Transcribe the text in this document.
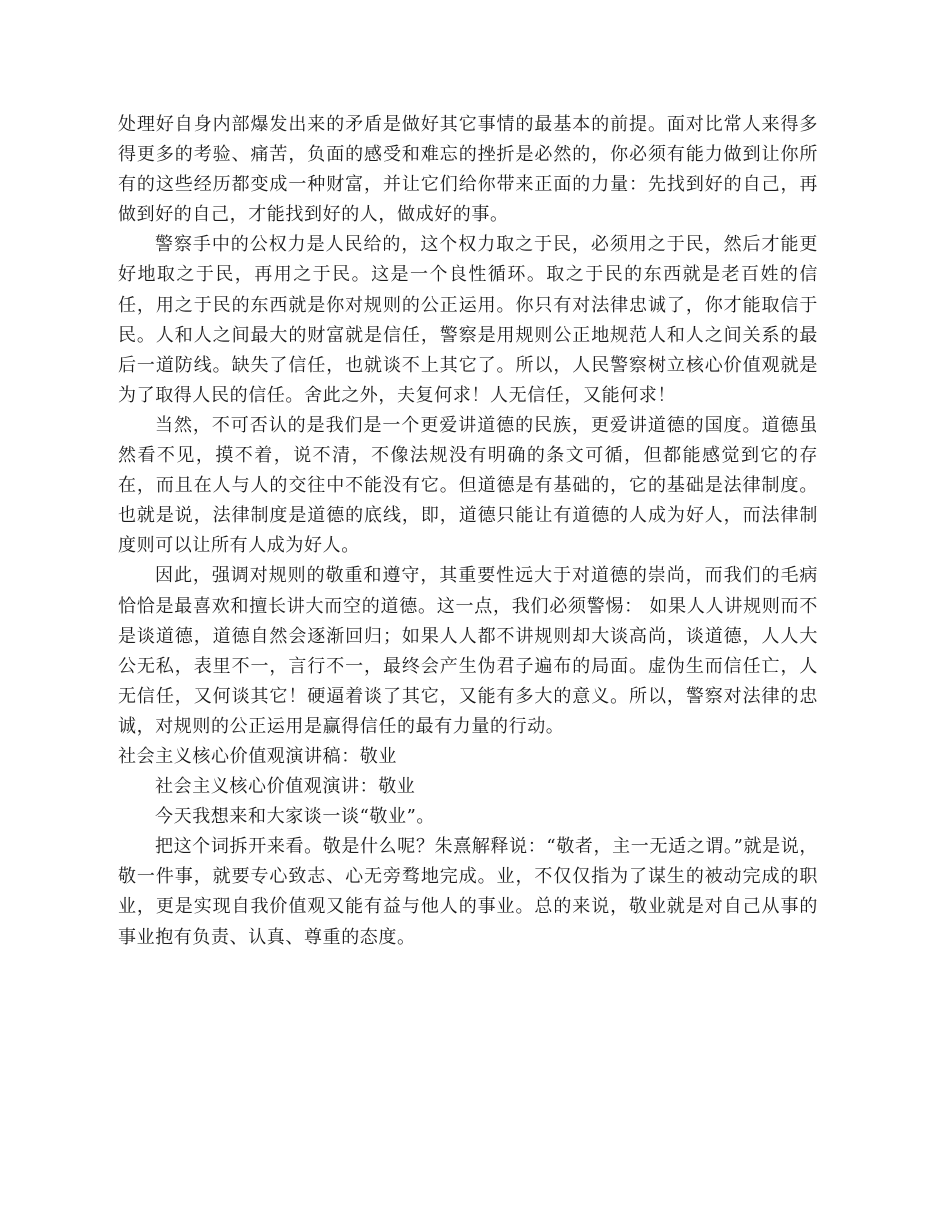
处理好自身内部爆发出来的矛盾是做好其它事情的最基本的前提。面对比常人来得多得更多的考验、痛苦，负面的感受和难忘的挫折是必然的，你必须有能力做到让你所有的这些经历都变成一种财富，并让它们给你带来正面的力量：先找到好的自己，再做到好的自己，才能找到好的人，做成好的事。

警察手中的公权力是人民给的，这个权力取之于民，必须用之于民，然后才能更好地取之于民，再用之于民。这是一个良性循环。取之于民的东西就是老百姓的信任，用之于民的东西就是你对规则的公正运用。你只有对法律忠诚了，你才能取信于民。人和人之间最大的财富就是信任，警察是用规则公正地规范人和人之间关系的最后一道防线。缺失了信任，也就谈不上其它了。所以，人民警察树立核心价值观就是为了取得人民的信任。舍此之外，夫复何求！人无信任，又能何求！

当然，不可否认的是我们是一个更爱讲道德的民族，更爱讲道德的国度。道德虽然看不见，摸不着，说不清，不像法规没有明确的条文可循，但都能感觉到它的存在，而且在人与人的交往中不能没有它。但道德是有基础的，它的基础是法律制度。也就是说，法律制度是道德的底线，即，道德只能让有道德的人成为好人，而法律制度则可以让所有人成为好人。

因此，强调对规则的敬重和遵守，其重要性远大于对道德的崇尚，而我们的毛病恰恰是最喜欢和擅长讲大而空的道德。这一点，我们必须警惕： 如果人人讲规则而不是谈道德，道德自然会逐渐回归；如果人人都不讲规则却大谈高尚，谈道德，人人大公无私，表里不一，言行不一，最终会产生伪君子遍布的局面。虚伪生而信任亡，人无信任，又何谈其它！硬逼着谈了其它，又能有多大的意义。所以，警察对法律的忠诚，对规则的公正运用是赢得信任的最有力量的行动。

社会主义核心价值观演讲稿：敬业

社会主义核心价值观演讲：敬业

今天我想来和大家谈一谈“敬业”。

把这个词拆开来看。敬是什么呢？朱熹解释说：“敬者，主一无适之谓。”就是说，敬一件事，就要专心致志、心无旁骛地完成。业，不仅仅指为了谋生的被动完成的职业，更是实现自我价值观又能有益与他人的事业。总的来说，敬业就是对自己从事的事业抱有负责、认真、尊重的态度。
